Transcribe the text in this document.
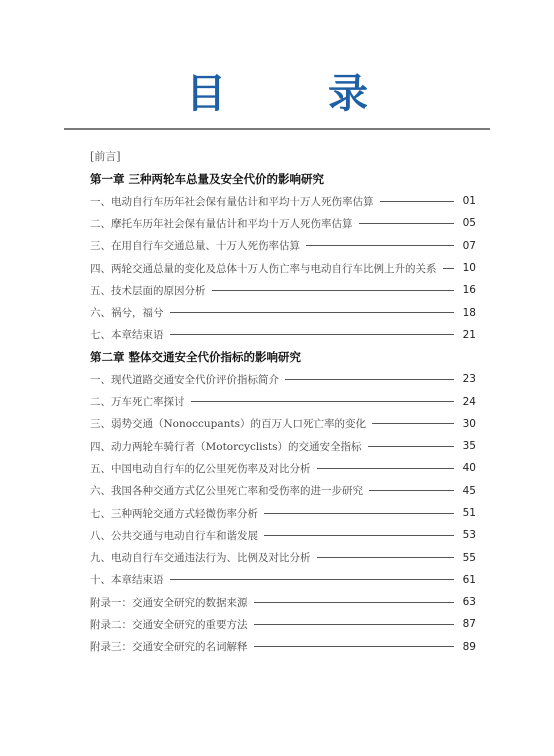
目 录
[前言]
第一章 三种两轮车总量及安全代价的影响研究
一、电动自行车历年社会保有量估计和平均十万人死伤率估算	01
二、摩托车历年社会保有量估计和平均十万人死伤率估算	05
三、在用自行车交通总量、十万人死伤率估算	07
四、两轮交通总量的变化及总体十万人伤亡率与电动自行车比例上升的关系 10
五、技术层面的原因分析	16
六、祸兮，福兮	18
七、本章结束语	21
第二章 整体交通安全代价指标的影响研究
一、现代道路交通安全代价评价指标简介	23
二、万车死亡率探讨	24
三、弱势交通（Nonoccupants）的百万人口死亡率的变化	30
四、动力两轮车骑行者（Motorcyclists）的交通安全指标	35
五、中国电动自行车的亿公里死伤率及对比分析	40
六、我国各种交通方式亿公里死亡率和受伤率的进一步研究	45
七、三种两轮交通方式轻微伤率分析	51
八、公共交通与电动自行车和谐发展	53
九、电动自行车交通违法行为、比例及对比分析	55
十、本章结束语	61
附录一：交通安全研究的数据来源	63
附录二：交通安全研究的重要方法	87
附录三：交通安全研究的名词解释	89
